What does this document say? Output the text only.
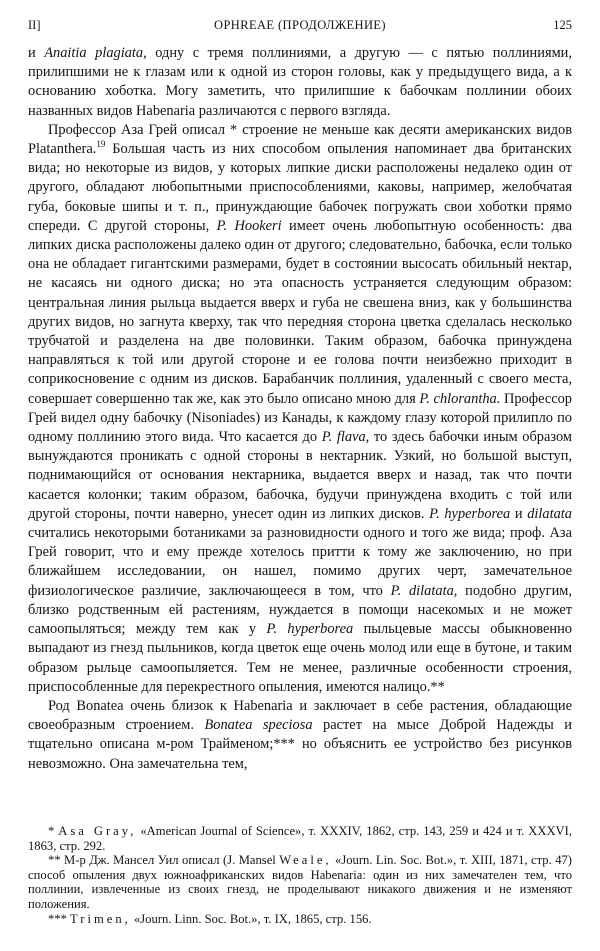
II]	ОРНREAE (ПРОДОЛЖЕНИЕ)	125

и Anaitia plagiata, одну с тремя поллиниями, а другую — с пятью поллиниями, прилипшими не к глазам или к одной из сторон головы, как у предыдущего вида, а к основанию хоботка. Могу заметить, что прилипшие к бабочкам поллинии обоих названных видов Habenaria различаются с первого взгляда.

Профессор Аза Грей описал * строение не меньше как десяти американских видов Platanthera.$^{19}$ Большая часть из них способом опыления напоминает два британских вида; но некоторые из видов, у которых липкие диски расположены недалеко один от другого, обладают любопытными приспособлениями, каковы, например, желобчатая губа, боковые шипы и т. п., принуждающие бабочек погружать свои хоботки прямо спереди. С другой стороны, P. Hookeri имеет очень любопытную особенность: два липких диска расположены далеко один от другого; следовательно, бабочка, если только она не обладает гигантскими размерами, будет в состоянии высосать обильный нектар, не касаясь ни одного диска; но эта опасность устраняется следующим образом: центральная линия рыльца выдается вверх и губа не свешена вниз, как у большинства других видов, но загнута кверху, так что передняя сторона цветка сделалась несколько трубчатой и разделена на две половинки. Таким образом, бабочка принуждена направляться к той или другой стороне и ее голова почти неизбежно приходит в соприкосновение с одним из дисков. Барабанчик поллиния, удаленный с своего места, совершает совершенно так же, как это было описано мною для P. chlorantha. Профессор Грей видел одну бабочку (Nisoniades) из Канады, к каждому глазу которой прилипло по одному поллинию этого вида. Что касается до P. flava, то здесь бабочки иным образом вынуждаются проникать с одной стороны в нектарник. Узкий, но большой выступ, поднимающийся от основания нектарника, выдается вверх и назад, так что почти касается колонки; таким образом, бабочка, будучи принуждена входить с той или другой стороны, почти наверно, унесет один из липких дисков. P. hyperborea и dilatata считались некоторыми ботаниками за разновидности одного и того же вида; проф. Аза Грей говорит, что и ему прежде хотелось притти к тому же заключению, но при ближайшем исследовании, он нашел, помимо других черт, замечательное физиологическое различие, заключающееся в том, что P. dilatata, подобно другим, близко родственным ей растениям, нуждается в помощи насекомых и не может самоопыляться; между тем как у P. hyperborea пыльцевые массы обыкновенно выпадают из гнезд пыльников, когда цветок еще очень молод или еще в бутоне, и таким образом рыльце самоопыляется. Тем не менее, различные особенности строения, приспособленные для перекрестного опыления, имеются налицо.**

Род Bonatea очень близок к Habenaria и заключает в себе растения, обладающие своеобразным строением. Bonatea speciosa растет на мысе Доброй Надежды и тщательно описана м-ром Трайменом;*** но объяснить ее устройство без рисунков невозможно. Она замечательна тем,

* Asa Gray, «American Journal of Science», т. XXXIV, 1862, стр. 143, 259 и 424 и т. XXXVI, 1863, стр. 292.

** М-р Дж. Мансел Уил описал (J. Mansel Weale, «Journ. Lin. Soc. Bot.», т. XIII, 1871, стр. 47) способ опыления двух южноафриканских видов Habenaria: один из них замечателен тем, что поллинии, извлеченные из своих гнезд, не проделывают никакого движения и не изменяют положения.

*** Trimen, «Journ. Linn. Soc. Bot.», т. IX, 1865, стр. 156.
